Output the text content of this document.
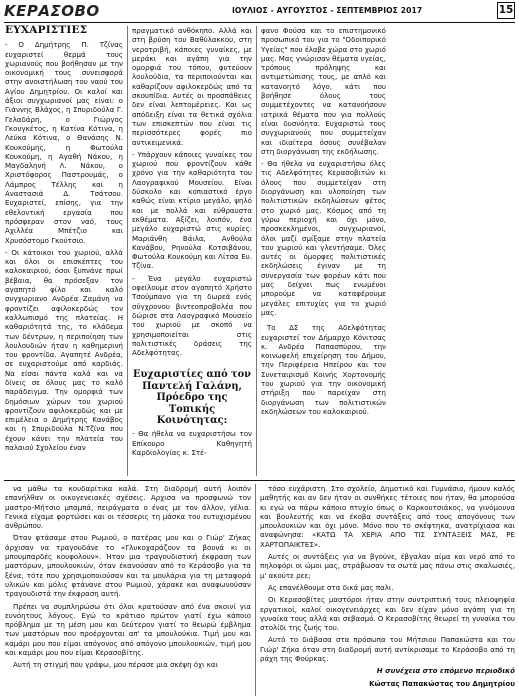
ΚΕΡΑΣΟΒΟ	ΙΟΥΛΙΟΣ - ΑΥΓΟΥΣΤΟΣ - ΣΕΠΤΕΜΒΡΙΟΣ 2017	15
ΕΥΧΑΡΙΣΤΙΕΣ

- Ο Δημήτρης Π. Τζίνας ευχαριστεί θερμά τους χωριανούς που βοήθησαν με την οικονομική τους συνεισφορά στην ανοιστήλωση του ναού του Αγίου Δημητρίου. Οι καλοί και άξιοι συγχωριανοί μας είναι: ο Γιάννης Βλάχος, η Σπυριδούλα Γ. Γελαδάρη, ο Γιώργος Γκουγκέτος, η Κατίνα Κότινα, η Λεύκα Κότινα, ο Θανάσης Ν. Κουκούμης, η Φωτούλα Κουκούμη, η Αγαθή Νάκου, η Μαγδαληνή Λ. Νάκου, ο Χριστόφορος Παστρουμάς, ο Λάμπρος Τέλλης και η Αναστασιά Δ. Τσάτσου. Ευχαριστεί, επίσης, για την εθελοντική εργασία που πρόσφεραν στον ναό, τους Αχιλλέα Μπέτζιο και Χρυσόστομο Γκούτσιο.

- Οι κάτοικοι του χωριού, αλλά και όλοι οι επισκέπτες του καλοκαιριού, όσοι ξυπνάνε πρωί βέβαια, θα πρόσεξαν τον αγαπητό φίλο και καλό συγχωριανο Ανδρέα Ζαμάνη να φροντίζει αφιλοκερδώς τον καλλωπισμό της πλατείας. Η καθαριότητά της, το κλάδεμα των δέντρων, η περιποίηση των λουλουδιών ήταν η καθημερινή του φροντίδα. Αγαπητέ Ανδρέα, σε ευχαριστούμε από καρδιάς. Να είσαι πάντα καλά και να δίνεις σε όλους μας το καλό παράδειγμα. Την ομορφιά των δημόσιων χώρων του χωριού φροντίζουν αφιλοκερδώς και με επιμέλεια ο Δημήτρης Κανάβος και η Σπυριδούλα Ν.Τζίνα που έχουν κάνει την πλατεία του παλαιού Σχολείου έναν

πραγματικό ανθόκηπο. Αλλά και στη βρύση του Βαθύλακκου, στη νεροτριβή, κάποιες γυναίκες, με μεράκι και αγάπη για την ομορφιά του τόπου, φυτεύουν λουλούδια, τα περιποιούνται και καθαρίζουν αφιλοκερδώς από τα σκουπίδια. Αυτές οι προσπάθειες δεν είναι λεπτομέρειες. Και ως απόδειξη είναι τα θετικά σχόλια των επισκεπτών που είναι τις περισσότερες φορές πιο αντικειμενικά.

- Υπάρχουν κάποιες γυναίκες του χωριού που φροντίζουν κάθε χρόνο για την καθαριότητα του Λαογραφικού Μουσείου. Είναι δύσκολο και κοπιαστικό έργο καθώς είναι κτίριο μεγάλο, ψηλό και με πολλά και εύθραυστα εκθέματα. Αξίζει, λοιπόν, ένα μεγάλο ευχαριστώ στις κυρίες: Μαριάνθη Βάιλα, Ανθούλα Κανάβου, Ρηνούλα Κοτσιβάνου, Φωτούλα Κουκούμη και Λίτσα Ευ. Τζίνα.

- Ένα μεγάλο ευχαριστώ οφείλουμε στον αγαπητό Χρήστο Τσούμπανο για τη δωρεά ενός σύγχρονου βιντεοπροβολέα που δώρισε στα Λαογραφικό Μουσείο του χωριού με σκοπό να χρησιμοποιείται στις πολιτιστικές δράσεις της Αδελφότητας.

Ευχαριστίες από τον Παντελή Γαλάνη, Πρόεδρο της Τοπικής Κοινότητας:

- Θα ήθελα να ευχαριστήσω τον Επίκουρο Καθηγητή Καρδιολογίας κ. Στέ-

φανο Φούσα και το επιστημονικό προσωπικό του για το "Οδοιπορικό Υγείας" που έλαβε χώρα στο χωριό μας. Μας γνώρισαν θέματα υγείας, τρόπους πρόληψης και αντιμετώπισης τους, με απλό και κατανοητό λόγο, κάτι που βοήθησε όλους τους συμμετέχοντες να κατανοήσουν ιατρικά θέματα που για πολλούς είναι δυσνόητα. Ευχαριστώ τους συγχωριανούς που συμμετείχαν και ιδιαίτερα όσους συνέβαλαν στη διοργάνωση της εκδήλωσης.

- Θα ήθελα να ευχαριστήσω όλες τις Αδελφότητες Κερασοβιτών κι όλους που συμμετείχαν στη διοργάνωση και υλοποίηση των πολιτιστικών εκδηλώσεων φέτος στο χωριό μας. Κόσμος από τη γύρω περιοχή και όχι μόνο, προσκεκλημένοι, συγχωριανοί, όλοι μαζί σμίξαμε στην πλατεία του χωριού και γλεντήσαμε. Όλες αυτές οι όμορφες πολιτιστικές εκδηλώσεις έγιναν με τη συνεργασία των φορέων κάτι που μας δείχνει πως ενωμένοι μπορούμε να καταφέρουμε μεγάλες επιτυχίες για το χωριό μας.

Το ΔΣ της Αδελφότητας ευχαριστεί τον Δήμαρχο Κόνιτσας κ. Ανδρέα Παπασπύρου, την κοινωφελή επιχείρηση του Δήμου, την Περιφέρεια Ηπείρου και τον Συνεταιρισμό Κοινής Χορτονομής του χωριού για την οικονομική στήριξη που παρείχαν στη διοργάνωση των πολιτιστικών εκδηλώσεων του καλοκαιριού.

να μάθω τα κουδαρίτικα καλά. Στη διαδρομή αυτή λοιπόν επανήλθαν οι οικογενειακές σχέσεις. Αρχισα να προσφωνώ τον μαστρο-Μήτσιο μπαμπά, πειράγματα ο ένας με τον άλλον, γέλια. Γενικά είχαμε φορτώσει και οι τέσσερις τη μάσκα του ευτυχισμένου ανθρώπου.

Όταν φτάσαμε στου Ρωμιού, ο πατέρας μου και ο Γιώρ' Ζήκας άρχισαν να τραγουδάνε το «Γλυκοχαράζουν τα βουνά κι οι μπουμπαρδές κουφολουν». Ήταν μια τραγουδιστική έκφραση των μαστόρων, μπουλουκιών, όταν έκανούσαν από το Κεράσοβο για τα ξένα, τότε που χρησιμοποιούσαν και τα μουλάρια για τη μεταφορά υλικών και μόλις φτάνανε στου Ρωμιού, χάρακε και αναφωνούσαν τραγουδιστά την έκφραση αυτή.

Πρέπει να συμπληρώσω ότι όλοι κρατούσαν από ένα σκοινί για ευνόητους λόγους. Εγώ το κράτιαο πρώτον γιατί έχω κάποιο πρόβλημα με τη μέση μου και δεύτερον γιατί το θεωρώ έμβλημα των μαστόρων που προέρχονται απ' τα μπουλούκια. Τιμή μου και καμάρι μου που είμαι απόγονος από απόγονο μπουλουκιών, τιμή μου και καμάρι μου που είμαι Κερασοβίτης.

Αυτή τη στιγμή που γράφω, μου πέρασε μια σκέψη όχι και

τόσο ευχάριστη. Στο σχολείο, Δημοτικό και Γυμνάσιο, ήμουν καλός μαθητής και αν δεν ήταν οι συνθήκες τέτοιες που ήταν, θα μπορούσα κι εγώ να πάρω κάποιο πτυχίο όπως ο Καρκουτσιάκος, να γινόμουνα και βουλευτής και να έκοβα συντάξεις από τους απογόνους των μπουλουκιών και όχι μόνο. Μόνο που το σκέφτηκα, ανατρίχιασα και αναφώνησα: «ΚΑΤΩ ΤΑ ΧΕΡΙΑ ΑΠΟ ΤΙΣ ΣΥΝΤΑΞΕΙΣ ΜΑΣ, ΡΕ ΧΑΡΤΟΠΑΙΚΤΕΣ».

Αυτές οι συντάξεις για να βγούνε, έβγαλαν αίμα και νερό από το πηλοφόρι οι ώμοι μας, στράβωσαν τα σωτά μας πάνω στις σκαλωσιές, μ' ακούτε ρεε;

Ας επανέλθουμε στα δικά μας παλι.

Οι Κερασοβίτες μαστόροι ήταν στην συντριπτική τους πλειοψηφία εργατικοί, καλοί οικογενειάρχες και δεν είχαν μόνο αγάπη για τη γυναίκα τους αλλά και σεβασμό. Ο Κερασοβίτης θεωρεί τη γυναίκα του στολίδι της ζωής του.

Αυτό το διάβασα στα πρόσωπα του Μήτσιου Παπακώστα και του Γιώρ' Ζήκα όταν στη διαδρομή αυτή αντίκρισαμε το Κεράσοβο από τη ράχη της Φούρκας.

Η συνέχεια στο επόμενο περιοδικό

Κώστας Παπακώστας του Δημητρίου
